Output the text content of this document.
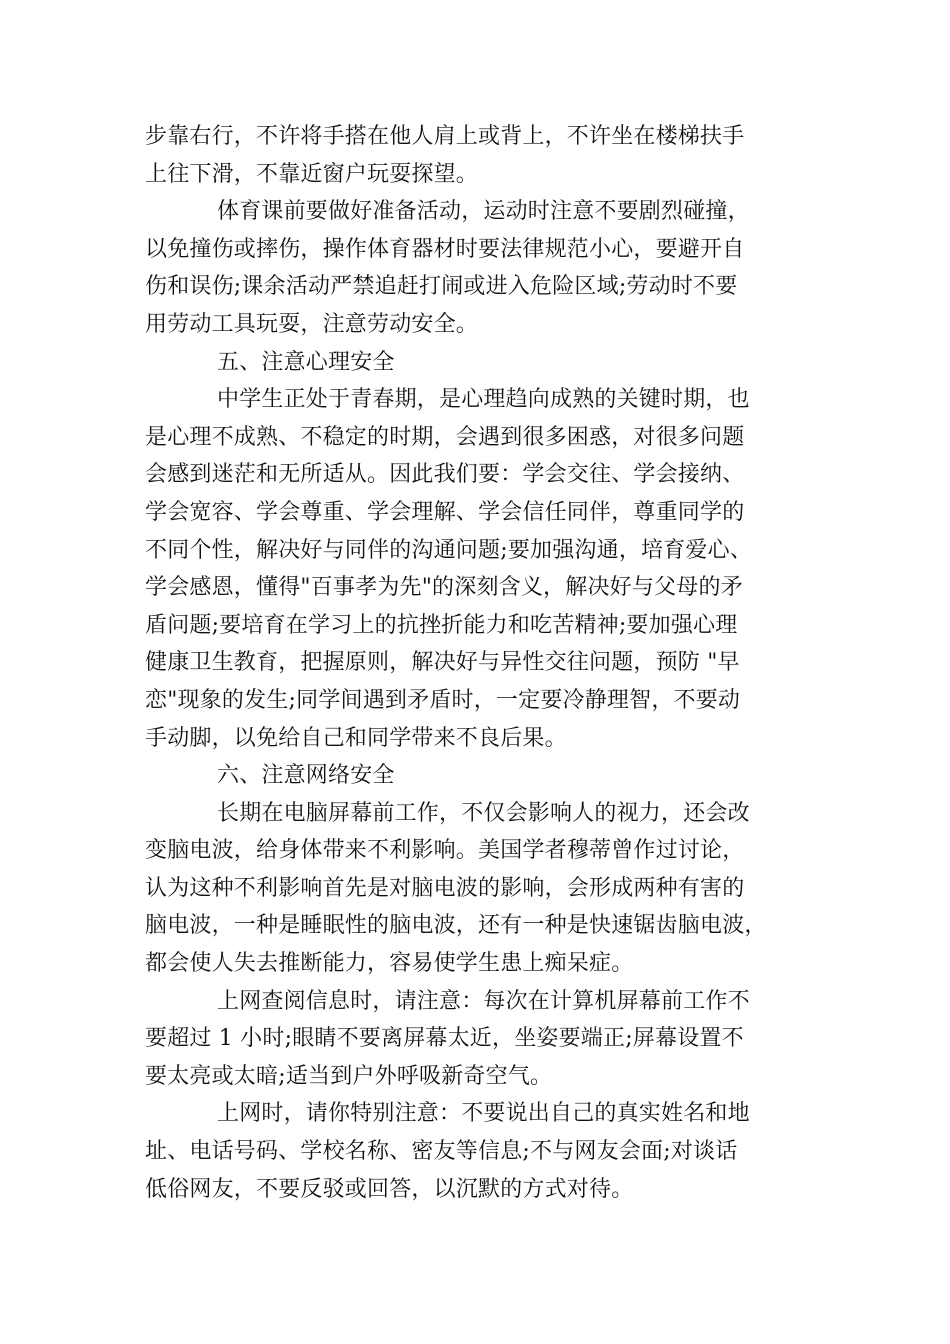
步靠右行，不许将手搭在他人肩上或背上，不许坐在楼梯扶手
上往下滑，不靠近窗户玩耍探望。
体育课前要做好准备活动，运动时注意不要剧烈碰撞，
以免撞伤或摔伤，操作体育器材时要法律规范小心，要避开自
伤和误伤;课余活动严禁追赶打闹或进入危险区域;劳动时不要
用劳动工具玩耍，注意劳动安全。
五、注意心理安全
中学生正处于青春期，是心理趋向成熟的关键时期，也
是心理不成熟、不稳定的时期，会遇到很多困惑，对很多问题
会感到迷茫和无所适从。因此我们要：学会交往、学会接纳、
学会宽容、学会尊重、学会理解、学会信任同伴，尊重同学的
不同个性，解决好与同伴的沟通问题;要加强沟通，培育爱心、
学会感恩，懂得"百事孝为先"的深刻含义，解决好与父母的矛
盾问题;要培育在学习上的抗挫折能力和吃苦精神;要加强心理
健康卫生教育，把握原则，解决好与异性交往问题，预防 "早
恋"现象的发生;同学间遇到矛盾时，一定要冷静理智，不要动
手动脚，以免给自己和同学带来不良后果。
六、注意网络安全
长期在电脑屏幕前工作，不仅会影响人的视力，还会改
变脑电波，给身体带来不利影响。美国学者穆蒂曾作过讨论，
认为这种不利影响首先是对脑电波的影响，会形成两种有害的
脑电波，一种是睡眠性的脑电波，还有一种是快速锯齿脑电波，
都会使人失去推断能力，容易使学生患上痴呆症。
上网查阅信息时，请注意：每次在计算机屏幕前工作不
要超过 1 小时;眼睛不要离屏幕太近，坐姿要端正;屏幕设置不
要太亮或太暗;适当到户外呼吸新奇空气。
上网时，请你特别注意：不要说出自己的真实姓名和地
址、电话号码、学校名称、密友等信息;不与网友会面;对谈话
低俗网友，不要反驳或回答，以沉默的方式对待。
